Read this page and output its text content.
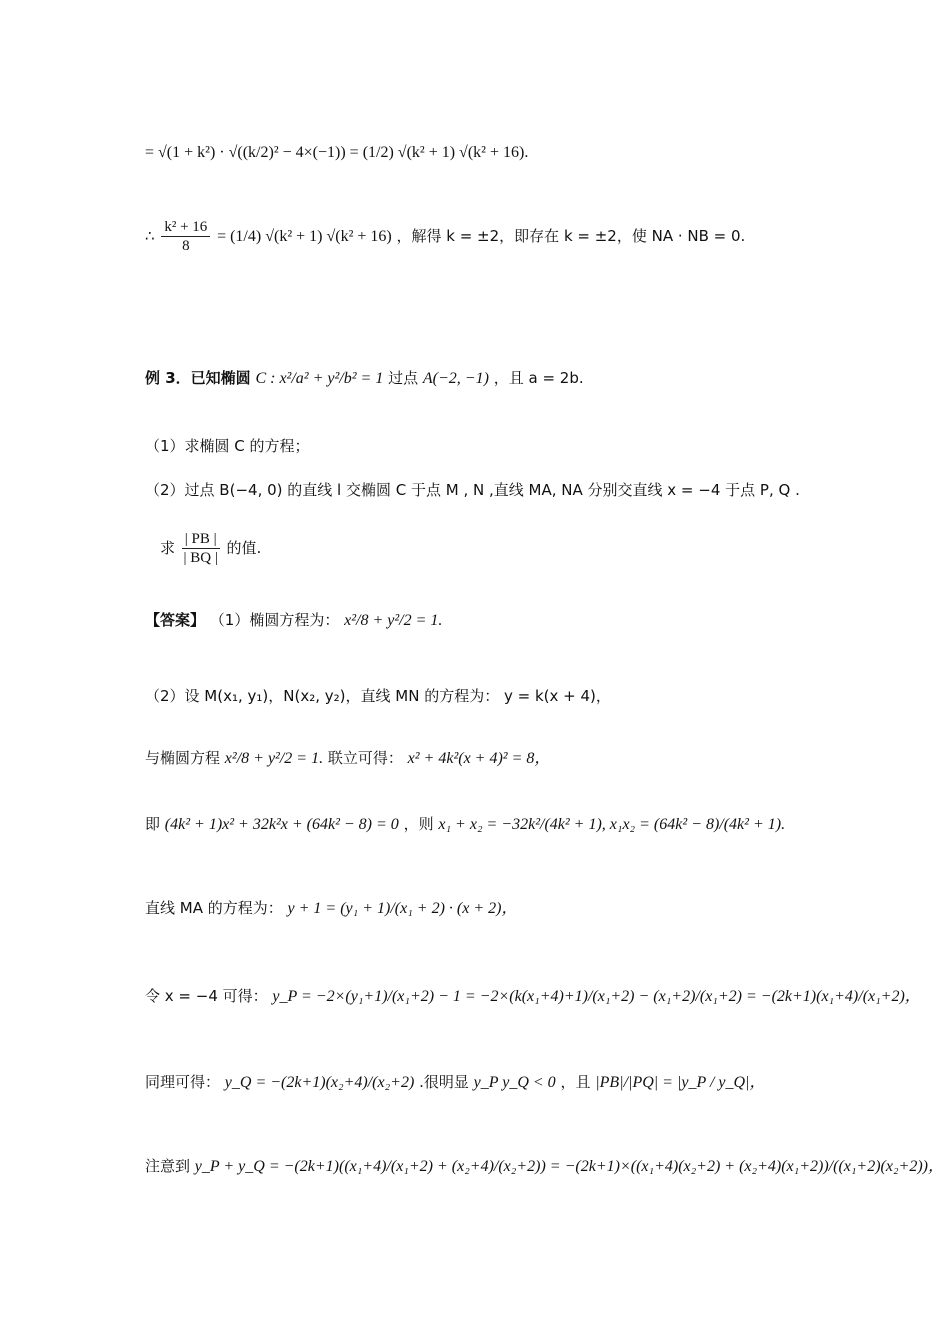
= √(1 + k²) · √((k/2)² − 4×(−1)) = (1/2) √(k² + 1) √(k² + 16).
∴ $\frac{\text{k² + 16}}{8} = (1/4) √(k^2 + 1) √(k^2 + 16)$ ，解得 k = ±2，即存在 k = ±2，使 NA · NB = 0.
例 3．已知椭圆 C : x²/a² + y²/b² = 1 过点 A(−2, −1) ，且 a = 2b.
（1）求椭圆 C 的方程；
（2）过点 B(−4, 0) 的直线 l 交椭圆 C 于点 M , N ,直线 MA, NA 分别交直线 x = −4 于点 P, Q .
求 $\frac{| PB |}{| BQ |}$ 的值.
【答案】 （1）椭圆方程为： x²/8 + y²/2 = 1.
（2）设 M(x₁, y₁)，N(x₂, y₂)，直线 MN 的方程为： y = k(x + 4)，
与椭圆方程 x²/8 + y²/2 = 1. 联立可得： x² + 4k²(x + 4)² = 8，
即 (4k² + 1)x² + 32k²x + (64k² − 8) = 0 ，则 x₁ + x₂ = −32k²/(4k² + 1), x₁x₂ = (64k² − 8)/(4k² + 1).
直线 MA 的方程为： y + 1 = (y₁ + 1)/(x₁ + 2) · (x + 2)，
令 x = −4 可得： y_P = −2×(y₁+1)/(x₁+2) − 1 = −2×(k(x₁+4)+1)/(x₁+2) − (x₁+2)/(x₁+2) = −(2k+1)(x₁+4)/(x₁+2)，
同理可得： y_Q = −(2k+1)(x₂+4)/(x₂+2) .很明显 y_P y_Q < 0 ，且 |PB|/|PQ| = |y_P / y_Q|，
注意到 y_P + y_Q = −(2k+1)((x₁+4)/(x₁+2) + (x₂+4)/(x₂+2)) = −(2k+1)×((x₁+4)(x₂+2) + (x₂+4)(x₁+2))/((x₁+2)(x₂+2))，
